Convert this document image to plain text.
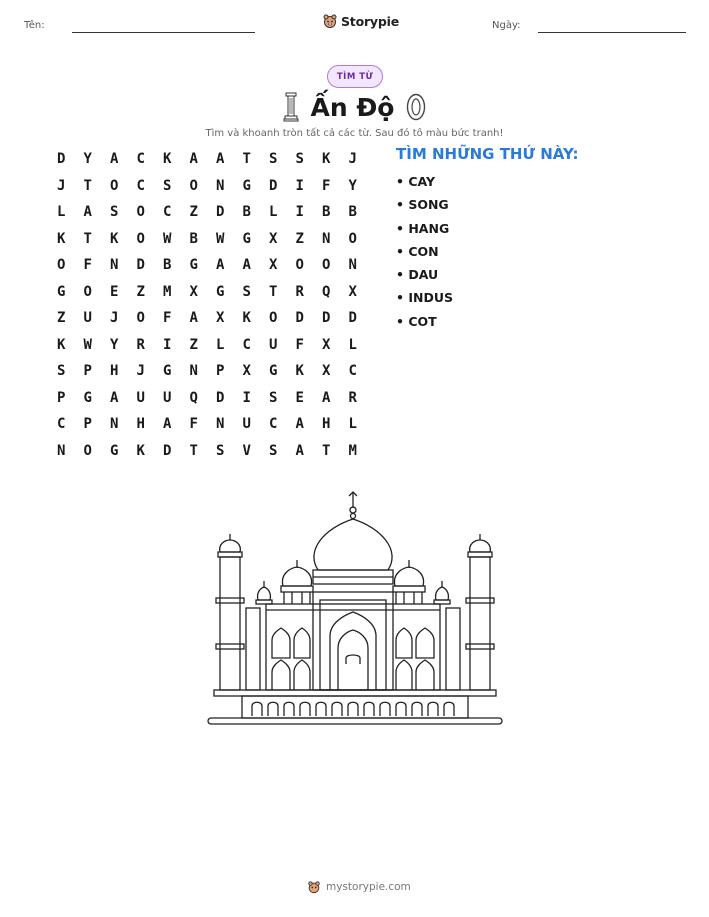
Tên:	Storypie	Ngày:
TÌM TỪ
Ấn Độ
Tìm và khoanh tròn tất cả các từ. Sau đó tô màu bức tranh!
D	Y	A	C	K	A	A	T	S	S	K	J
J	T	O	C	S	O	N	G	D	I	F	Y
L	A	S	O	C	Z	D	B	L	I	B	B
K	T	K	O	W	B	W	G	X	Z	N	O
O	F	N	D	B	G	A	A	X	O	O	N
G	O	E	Z	M	X	G	S	T	R	Q	X
Z	U	J	O	F	A	X	K	O	D	D	D
K	W	Y	R	I	Z	L	C	U	F	X	L
S	P	H	J	G	N	P	X	G	K	X	C
P	G	A	U	U	Q	D	I	S	E	A	R
C	P	N	H	A	F	N	U	C	A	H	L
N	O	G	K	D	T	S	V	S	A	T	M
TÌM NHỮNG THỨ NÀY:
• CAY
• SONG
• HANG
• CON
• DAU
• INDUS
• COT
mystorypie.com
